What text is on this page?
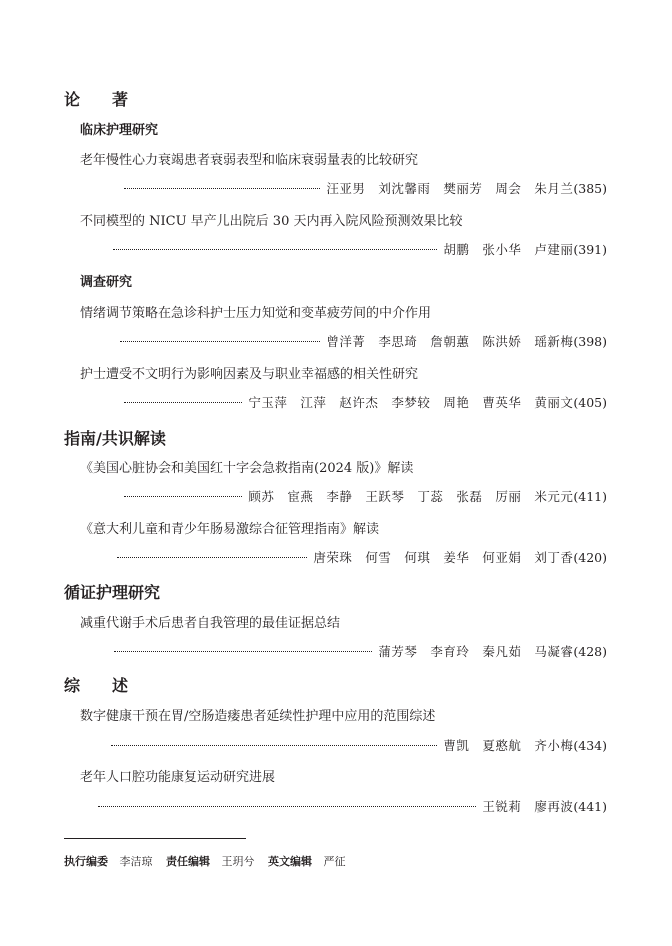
论　　著
指南/共识解读
循证护理研究
综　　述
临床护理研究
调查研究
老年慢性心力衰竭患者衰弱表型和临床衰弱量表的比较研究
汪亚男　刘沈馨雨　樊丽芳　周会　朱月兰 (385)
不同模型的 NICU 早产儿出院后 30 天内再入院风险预测效果比较
胡鹏　张小华　卢建丽 (391)
情绪调节策略在急诊科护士压力知觉和变革疲劳间的中介作用
曾洋菁　李思琦　詹朝蕙　陈洪娇　瑶新梅 (398)
护士遭受不文明行为影响因素及与职业幸福感的相关性研究
宁玉萍　江萍　赵许杰　李梦较　周艳　曹英华　黄丽文 (405)
《美国心脏协会和美国红十字会急救指南(2024 版)》解读
顾苏　宦燕　李静　王跃琴　丁蕊　张磊　厉丽　米元元 (411)
《意大利儿童和青少年肠易激综合征管理指南》解读
唐荣珠　何雪　何琪　姜华　何亚娟　刘丁香 (420)
减重代谢手术后患者自我管理的最佳证据总结
蒲芳琴　李育玲　秦凡茹　马凝睿 (428)
数字健康干预在胃/空肠造瘘患者延续性护理中应用的范围综述
曹凯　夏憨航　齐小梅 (434)
老年人口腔功能康复运动研究进展
王锐莉　廖再波 (441)
执行编委 李洁琼 责任编辑 王玥兮 英文编辑 严征
